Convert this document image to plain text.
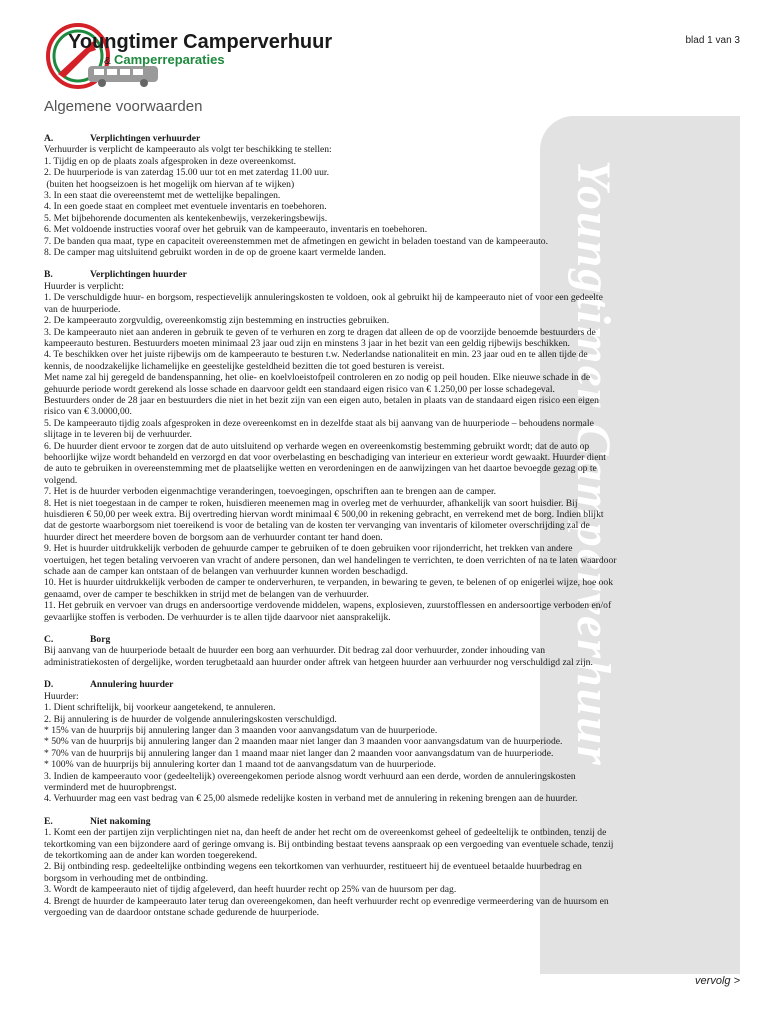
Youngtimer Camperverhuur
Youngtimer Camperverhuur
& Camperreparaties
blad 1 van 3
Algemene voorwaarden
A.	Verplichtingen verhuurder
Verhuurder is verplicht de kampeerauto als volgt ter beschikking te stellen:
1. Tijdig en op de plaats zoals afgesproken in deze overeenkomst.
2. De huurperiode is van zaterdag 15.00 uur tot en met zaterdag 11.00 uur.
(buiten het hoogseizoen is het mogelijk om hiervan af te wijken)
3. In een staat die overeenstemt met de wettelijke bepalingen.
4. In een goede staat en compleet met eventuele inventaris en toebehoren.
5. Met bijbehorende documenten als kentekenbewijs, verzekeringsbewijs.
6. Met voldoende instructies vooraf over het gebruik van de kampeerauto, inventaris en toebehoren.
7. De banden qua maat, type en capaciteit overeenstemmen met de afmetingen en gewicht in beladen toestand van de kampeerauto.
8. De camper mag uitsluitend gebruikt worden in de op de groene kaart vermelde landen.
B.	Verplichtingen huurder
Huurder is verplicht:
1. De verschuldigde huur- en borgsom, respectievelijk annuleringskosten te voldoen, ook al gebruikt hij de kampeerauto niet of voor een gedeelte
van de huurperiode.
2. De kampeerauto zorgvuldig, overeenkomstig zijn bestemming en instructies gebruiken.
3. De kampeerauto niet aan anderen in gebruik te geven of te verhuren en zorg te dragen dat alleen de op de voorzijde benoemde bestuurders de
kampeerauto besturen. Bestuurders moeten minimaal 23 jaar oud zijn en minstens 3 jaar in het bezit van een geldig rijbewijs beschikken.
4. Te beschikken over het juiste rijbewijs om de kampeerauto te besturen t.w. Nederlandse nationaliteit en min. 23 jaar oud en te allen tijde de
kennis, de noodzakelijke lichamelijke en geestelijke gesteldheid bezitten die tot goed besturen is vereist.
Met name zal hij geregeld de bandenspanning, het olie- en koelvloeistofpeil controleren en zo nodig op peil houden. Elke nieuwe schade in de
gehuurde periode wordt gerekend als losse schade en daarvoor geldt een standaard eigen risico van € 1.250,00 per losse schadegeval.
Bestuurders onder de 28 jaar en bestuurders die niet in het bezit zijn van een eigen auto, betalen in plaats van de standaard eigen risico een eigen
risico van € 3.0000,00.
5. De kampeerauto tijdig zoals afgesproken in deze overeenkomst en in dezelfde staat als bij aanvang van de huurperiode – behoudens normale
slijtage in te leveren bij de verhuurder.
6. De huurder dient ervoor te zorgen dat de auto uitsluitend op verharde wegen en overeenkomstig bestemming gebruikt wordt; dat de auto op
behoorlijke wijze wordt behandeld en verzorgd en dat voor overbelasting en beschadiging van interieur en exterieur wordt gewaakt. Huurder dient
de auto te gebruiken in overeenstemming met de plaatselijke wetten en verordeningen en de aanwijzingen van het daartoe bevoegde gezag op te
volgend.
7. Het is de huurder verboden eigenmachtige veranderingen, toevoegingen, opschriften aan te brengen aan de camper.
8. Het is niet toegestaan in de camper te roken, huisdieren meenemen mag in overleg met de verhuurder, afhankelijk van soort huisdier. Bij
huisdieren € 50,00 per week extra. Bij overtreding hiervan wordt minimaal € 500,00 in rekening gebracht, en verrekend met de borg. Indien blijkt
dat de gestorte waarborgsom niet toereikend is voor de betaling van de kosten ter vervanging van inventaris of kilometer overschrijding zal de
huurder direct het meerdere boven de borgsom aan de verhuurder contant ter hand doen.
9. Het is huurder uitdrukkelijk verboden de gehuurde camper te gebruiken of te doen gebruiken voor rijonderricht, het trekken van andere
voertuigen, het tegen betaling vervoeren van vracht of andere personen, dan wel handelingen te verrichten, te doen verrichten of na te laten waardoor
schade aan de camper kan ontstaan of de belangen van verhuurder kunnen worden beschadigd.
10. Het is huurder uitdrukkelijk verboden de camper te onderverhuren, te verpanden, in bewaring te geven, te belenen of op enigerlei wijze, hoe ook
genaamd, over de camper te beschikken in strijd met de belangen van de verhuurder.
11. Het gebruik en vervoer van drugs en andersoortige verdovende middelen, wapens, explosieven, zuurstofflessen en andersoortige verboden en/of
gevaarlijke stoffen is verboden. De verhuurder is te allen tijde daarvoor niet aansprakelijk.
C.	Borg
Bij aanvang van de huurperiode betaalt de huurder een borg aan verhuurder. Dit bedrag zal door verhuurder, zonder inhouding van
administratiekosten of dergelijke, worden terugbetaald aan huurder onder aftrek van hetgeen huurder aan verhuurder nog verschuldigd zal zijn.
D.	Annulering huurder
Huurder:
1. Dient schriftelijk, bij voorkeur aangetekend, te annuleren.
2. Bij annulering is de huurder de volgende annuleringskosten verschuldigd.
* 15% van de huurprijs bij annulering langer dan 3 maanden voor aanvangsdatum van de huurperiode.
* 50% van de huurprijs bij annulering langer dan 2 maanden maar niet langer dan 3 maanden voor aanvangsdatum van de huurperiode.
* 70% van de huurprijs bij annulering langer dan 1 maand maar niet langer dan 2 maanden voor aanvangsdatum van de huurperiode.
* 100% van de huurprijs bij annulering korter dan 1 maand tot de aanvangsdatum van de huurperiode.
3. Indien de kampeerauto voor (gedeeltelijk) overeengekomen periode alsnog wordt verhuurd aan een derde, worden de annuleringskosten
verminderd met de huuropbrengst.
4. Verhuurder mag een vast bedrag van € 25,00 alsmede redelijke kosten in verband met de annulering in rekening brengen aan de huurder.
E.	Niet nakoming
1. Komt een der partijen zijn verplichtingen niet na, dan heeft de ander het recht om de overeenkomst geheel of gedeeltelijk te ontbinden, tenzij de
tekortkoming van een bijzondere aard of geringe omvang is. Bij ontbinding bestaat tevens aanspraak op een vergoeding van eventuele schade, tenzij
de tekortkoming aan de ander kan worden toegerekend.
2. Bij ontbinding resp. gedeeltelijke ontbinding wegens een tekortkomen van verhuurder, restitueert hij de eventueel betaalde huurbedrag en
borgsom in verhouding met de ontbinding.
3. Wordt de kampeerauto niet of tijdig afgeleverd, dan heeft huurder recht op 25% van de huursom per dag.
4. Brengt de huurder de kampeerauto later terug dan overeengekomen, dan heeft verhuurder recht op evenredige vermeerdering van de huursom en
vergoeding van de daardoor ontstane schade gedurende de huurperiode.
vervolg >
